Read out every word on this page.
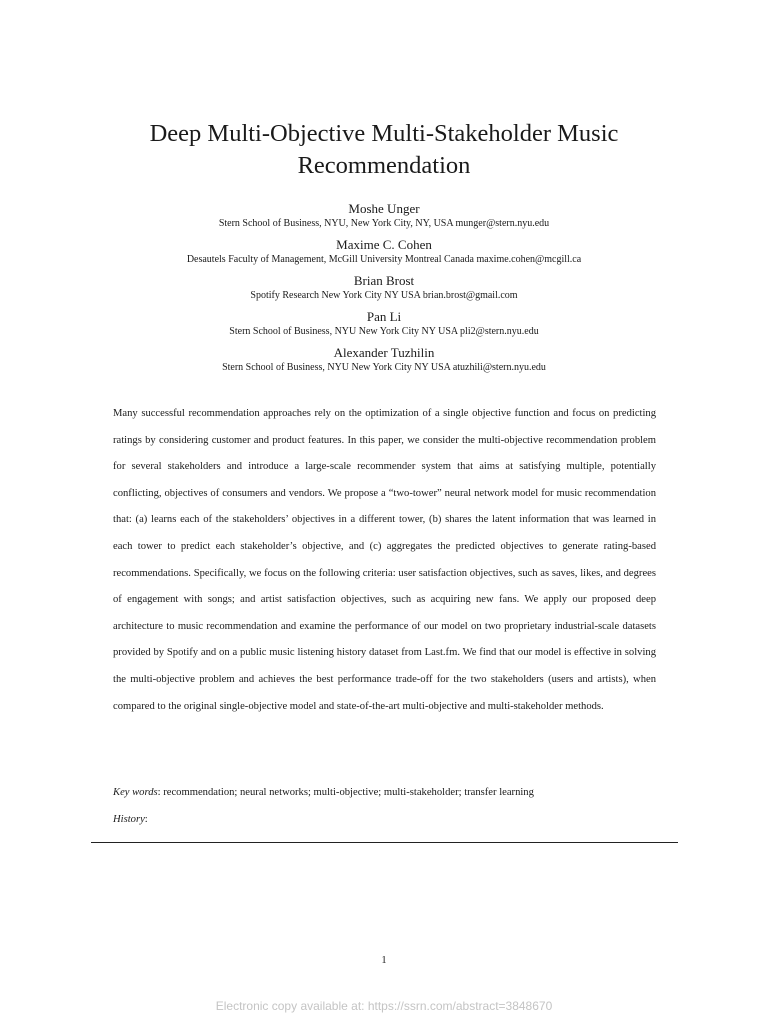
Deep Multi-Objective Multi-Stakeholder Music Recommendation
Moshe Unger
Stern School of Business, NYU, New York City, NY, USA munger@stern.nyu.edu
Maxime C. Cohen
Desautels Faculty of Management, McGill University Montreal Canada maxime.cohen@mcgill.ca
Brian Brost
Spotify Research New York City NY USA brian.brost@gmail.com
Pan Li
Stern School of Business, NYU New York City NY USA pli2@stern.nyu.edu
Alexander Tuzhilin
Stern School of Business, NYU New York City NY USA atuzhili@stern.nyu.edu

Many successful recommendation approaches rely on the optimization of a single objective function and focus on predicting ratings by considering customer and product features. In this paper, we consider the multi-objective recommendation problem for several stakeholders and introduce a large-scale recommender system that aims at satisfying multiple, potentially conflicting, objectives of consumers and vendors. We propose a “two-tower” neural network model for music recommendation that: (a) learns each of the stakeholders’ objectives in a different tower, (b) shares the latent information that was learned in each tower to predict each stakeholder’s objective, and (c) aggregates the predicted objectives to generate rating-based recommendations. Specifically, we focus on the following criteria: user satisfaction objectives, such as saves, likes, and degrees of engagement with songs; and artist satisfaction objectives, such as acquiring new fans. We apply our proposed deep architecture to music recommendation and examine the performance of our model on two proprietary industrial-scale datasets provided by Spotify and on a public music listening history dataset from Last.fm. We find that our model is effective in solving the multi-objective problem and achieves the best performance trade-off for the two stakeholders (users and artists), when compared to the original single-objective model and state-of-the-art multi-objective and multi-stakeholder methods.

Key words: recommendation; neural networks; multi-objective; multi-stakeholder; transfer learning
History:
1
Electronic copy available at: https://ssrn.com/abstract=3848670
